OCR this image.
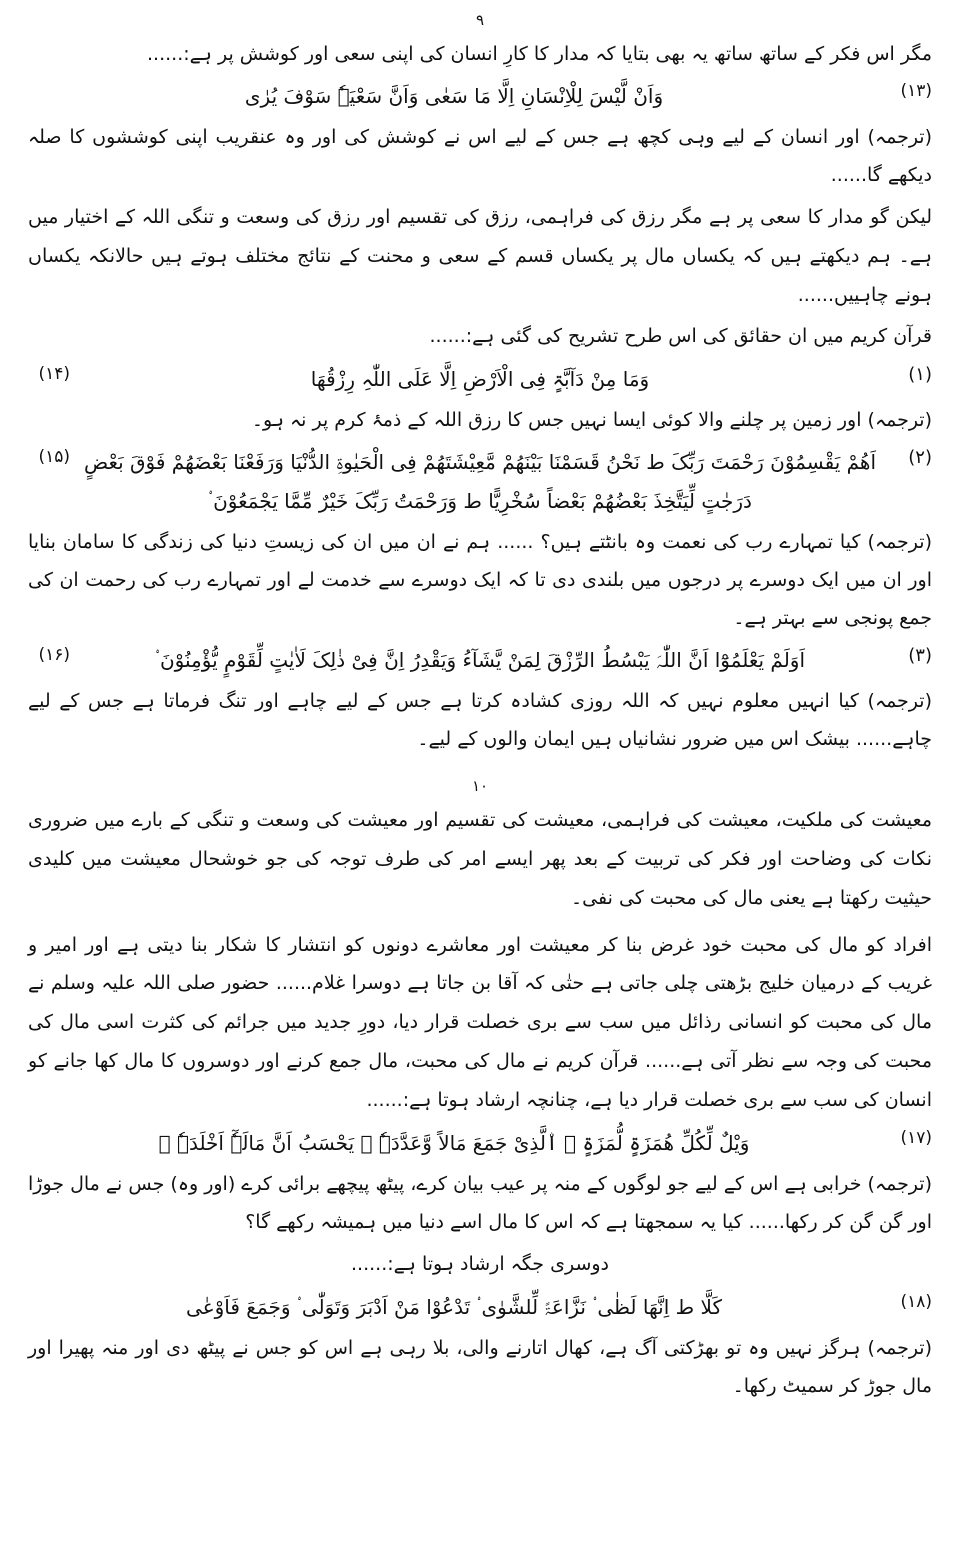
۹
مگر اس فکر کے ساتھ ساتھ یہ بھی بتایا کہ مدار کا کارِ انسان کی اپنی سعی اور کوشش پر ہے:......
(۱۳)
وَاَنْ لَّیْسَ لِلْاِنْسَانِ اِلَّا مَا سَعٰی وَاَنَّ سَعْیَہٗ سَوْفَ یُرٰی
(ترجمہ) اور انسان کے لیے وہی کچھ ہے جس کے لیے اس نے کوشش کی اور وہ عنقریب اپنی کوششوں کا صلہ دیکھے گا......
لیکن گو مدار کا سعی پر ہے مگر رزق کی فراہمی، رزق کی تقسیم اور رزق کی وسعت و تنگی اللہ کے اختیار میں ہے۔ ہم دیکھتے ہیں کہ یکساں مال پر یکساں قسم کے سعی و محنت کے نتائج مختلف ہوتے ہیں حالانکہ یکساں ہونے چاہییں......
قرآن کریم میں ان حقائق کی اس طرح تشریح کی گئی ہے:......
(۱)
وَمَا مِنْ دَآبَّۃٍ فِی الْاَرْضِ اِلَّا عَلَی اللّٰہِ رِزْقُھَا
(۱۴)
(ترجمہ) اور زمین پر چلنے والا کوئی ایسا نہیں جس کا رزق اللہ کے ذمۂ کرم پر نہ ہو۔
(۲)
اَھُمْ یَقْسِمُوْنَ رَحْمَتَ رَبِّکَ ط نَحْنُ قَسَمْنَا بَیْنَھُمْ مَّعِیْشَتَھُمْ فِی الْحَیٰوۃِ الدُّنْیَا وَرَفَعْنَا بَعْضَھُمْ فَوْقَ بَعْضٍ دَرَجٰتٍ لِّیَتَّخِذَ بَعْضُھُمْ بَعْضاً سُخْرِیًّا ط وَرَحْمَتُ رَبِّکَ خَیْرٌ مِّمَّا یَجْمَعُوْنَ ۟
(۱۵)
(ترجمہ) کیا تمہارے رب کی نعمت وہ بانٹتے ہیں؟ ...... ہم نے ان میں ان کی زیستِ دنیا کی زندگی کا سامان بنایا اور ان میں ایک دوسرے پر درجوں میں بلندی دی تا کہ ایک دوسرے سے خدمت لے اور تمہارے رب کی رحمت ان کی جمع پونجی سے بہتر ہے۔
(۳)
اَوَلَمْ یَعْلَمُوْٓا اَنَّ اللّٰہَ یَبْسُطُ الرِّزْقَ لِمَنْ یَّشَآءُ وَیَقْدِرُ اِنَّ فِیْ ذٰلِکَ لَاٰیٰتٍ لِّقَوْمٍ یُّؤْمِنُوْنَ ۟
(۱۶)
(ترجمہ) کیا انہیں معلوم نہیں کہ اللہ روزی کشادہ کرتا ہے جس کے لیے چاہے اور تنگ فرماتا ہے جس کے لیے چاہے...... بیشک اس میں ضرور نشانیاں ہیں ایمان والوں کے لیے۔
۱۰
معیشت کی ملکیت، معیشت کی فراہمی، معیشت کی تقسیم اور معیشت کی وسعت و تنگی کے بارے میں ضروری نکات کی وضاحت اور فکر کی تربیت کے بعد پھر ایسے امر کی طرف توجہ کی جو خوشحال معیشت میں کلیدی حیثیت رکھتا ہے یعنی مال کی محبت کی نفی۔
افراد کو مال کی محبت خود غرض بنا کر معیشت اور معاشرے دونوں کو انتشار کا شکار بنا دیتی ہے اور امیر و غریب کے درمیان خلیج بڑھتی چلی جاتی ہے حتٰی کہ آقا بن جاتا ہے دوسرا غلام...... حضور صلی اللہ علیہ وسلم نے مال کی محبت کو انسانی رذائل میں سب سے بری خصلت قرار دیا، دورِ جدید میں جرائم کی کثرت اسی مال کی محبت کی وجہ سے نظر آتی ہے...... قرآن کریم نے مال کی محبت، مال جمع کرنے اور دوسروں کا مال کھا جانے کو انسان کی سب سے بری خصلت قرار دیا ہے، چنانچہ ارشاد ہوتا ہے:......
(۱۷)
وَیْلٌ لِّکُلِّ ھُمَزَۃٍ لُّمَزَۃٍ ۟ اۨلَّذِیْ جَمَعَ مَالاً وَّعَدَّدَہٗ ۟ یَحْسَبُ اَنَّ مَالَہٗٓ اَخْلَدَہٗ ۟
(ترجمہ) خرابی ہے اس کے لیے جو لوگوں کے منہ پر عیب بیان کرے، پیٹھ پیچھے برائی کرے (اور وہ) جس نے مال جوڑا اور گن گن کر رکھا...... کیا یہ سمجھتا ہے کہ اس کا مال اسے دنیا میں ہمیشہ رکھے گا؟
دوسری جگہ ارشاد ہوتا ہے:......
(۱۸)
کَلَّا ط اِنَّھَا لَظٰی ۟ نَزَّاعَۃً لِّلشَّوٰی ۟ تَدْعُوْا مَنْ اَدْبَرَ وَتَوَلّٰی ۟ وَجَمَعَ فَاَوْعٰی
(ترجمہ) ہرگز نہیں وہ تو بھڑکتی آگ ہے، کھال اتارنے والی، بلا رہی ہے اس کو جس نے پیٹھ دی اور منہ پھیرا اور مال جوڑ کر سمیٹ رکھا۔
